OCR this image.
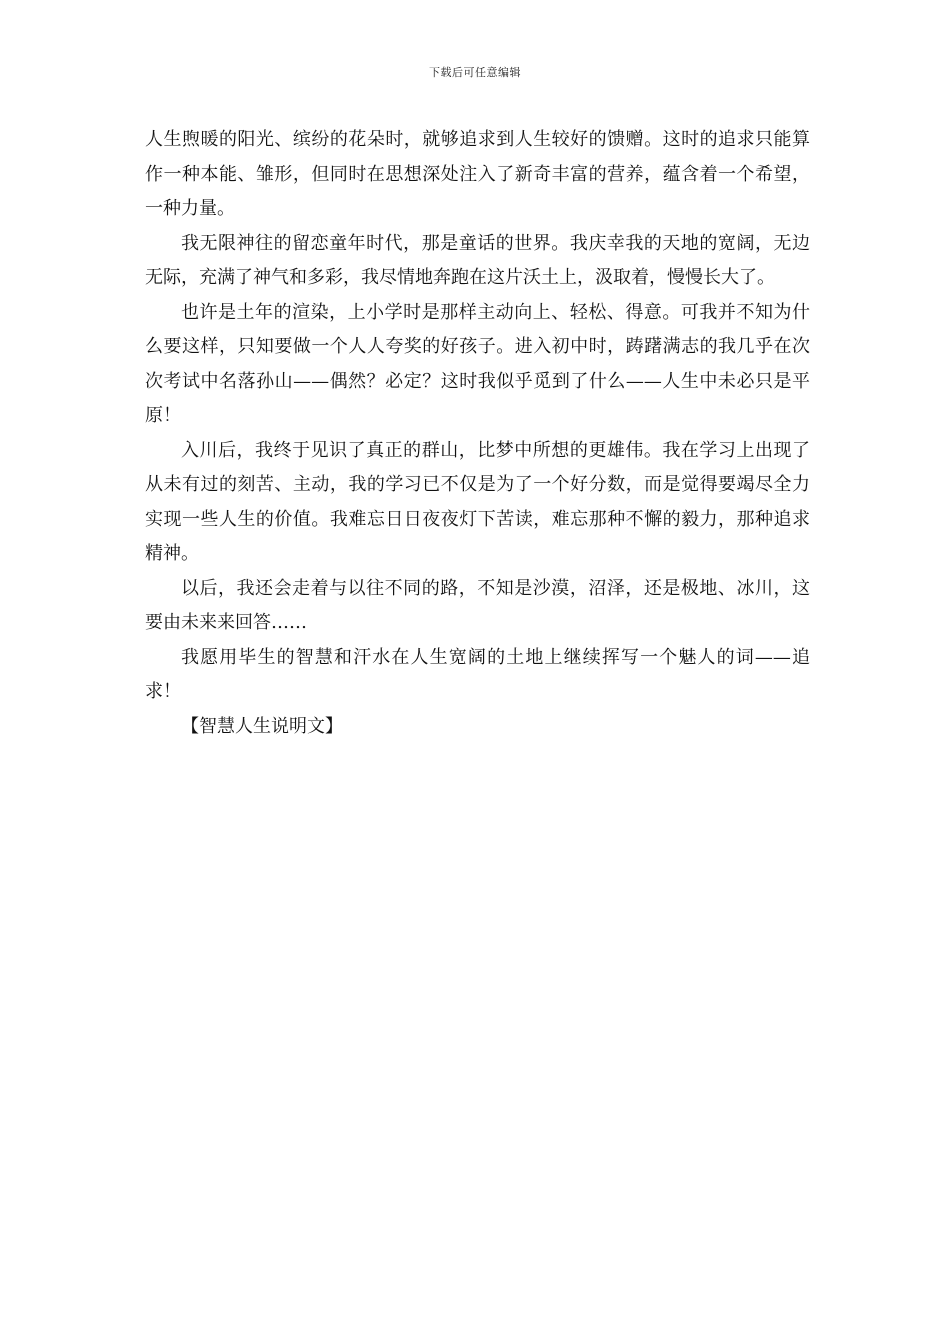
下载后可任意编辑

人生煦暖的阳光、缤纷的花朵时，就够追求到人生较好的馈赠。这时的追求只能算作一种本能、雏形，但同时在思想深处注入了新奇丰富的营养，蕴含着一个希望，一种力量。

我无限神往的留恋童年时代，那是童话的世界。我庆幸我的天地的宽阔，无边无际，充满了神气和多彩，我尽情地奔跑在这片沃土上，汲取着，慢慢长大了。

也许是土年的渲染，上小学时是那样主动向上、轻松、得意。可我并不知为什么要这样，只知要做一个人人夸奖的好孩子。进入初中时，踌躇满志的我几乎在次次考试中名落孙山——偶然？必定？这时我似乎觅到了什么——人生中未必只是平原！

入川后，我终于见识了真正的群山，比梦中所想的更雄伟。我在学习上出现了从未有过的刻苦、主动，我的学习已不仅是为了一个好分数，而是觉得要竭尽全力实现一些人生的价值。我难忘日日夜夜灯下苦读，难忘那种不懈的毅力，那种追求精神。

以后，我还会走着与以往不同的路，不知是沙漠，沼泽，还是极地、冰川，这要由未来来回答……

我愿用毕生的智慧和汗水在人生宽阔的土地上继续挥写一个魅人的词——追求！

【智慧人生说明文】
